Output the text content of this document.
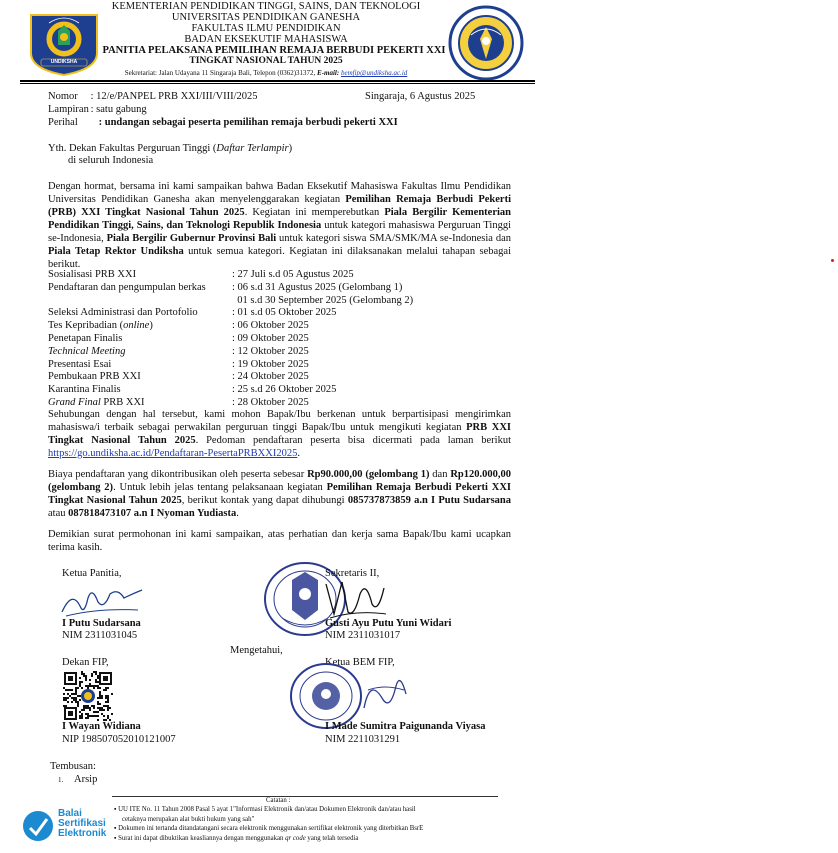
UNDIKSHA
KEMENTERIAN PENDIDIKAN TINGGI, SAINS, DAN TEKNOLOGI
UNIVERSITAS PENDIDIKAN GANESHA
FAKULTAS ILMU PENDIDIKAN
BADAN EKSEKUTIF MAHASISWA
PANITIA PELAKSANA PEMILIHAN REMAJA BERBUDI PEKERTI XXI
TINGKAT NASIONAL TAHUN 2025
Sekretariat: Jalan Udayana 11 Singaraja Bali, Telepon (0362)31372, E-mail: bemfip@undiksha.ac.id
Nomor : 12/e/PANPEL PRB XXI/III/VIII/2025	Singaraja, 6 Agustus 2025
Lampiran : satu gabung
Perihal : undangan sebagai peserta pemilihan remaja berbudi pekerti XXI
Yth. Dekan Fakultas Perguruan Tinggi (Daftar Terlampir)
di seluruh Indonesia
Dengan hormat, bersama ini kami sampaikan bahwa Badan Eksekutif Mahasiswa Fakultas Ilmu Pendidikan Universitas Pendidikan Ganesha akan menyelenggarakan kegiatan Pemilihan Remaja Berbudi Pekerti (PRB) XXI Tingkat Nasional Tahun 2025. Kegiatan ini memperebutkan Piala Bergilir Kementerian Pendidikan Tinggi, Sains, dan Teknologi Republik Indonesia untuk kategori mahasiswa Perguruan Tinggi se-Indonesia, Piala Bergilir Gubernur Provinsi Bali untuk kategori siswa SMA/SMK/MA se-Indonesia dan Piala Tetap Rektor Undiksha untuk semua kategori. Kegiatan ini dilaksanakan melalui tahapan sebagai berikut.
Sosialisasi PRB XXI	: 27 Juli s.d 05 Agustus 2025
Pendaftaran dan pengumpulan berkas	: 06 s.d 31 Agustus 2025 (Gelombang 1)
01 s.d 30 September 2025 (Gelombang 2)
Seleksi Administrasi dan Portofolio	: 01 s.d 05 Oktober 2025
Tes Kepribadian (online)	: 06 Oktober 2025
Penetapan Finalis	: 09 Oktober 2025
Technical Meeting	: 12 Oktober 2025
Presentasi Esai	: 19 Oktober 2025
Pembukaan PRB XXI	: 24 Oktober 2025
Karantina Finalis	: 25 s.d 26 Oktober 2025
Grand Final PRB XXI	: 28 Oktober 2025
Sehubungan dengan hal tersebut, kami mohon Bapak/Ibu berkenan untuk berpartisipasi mengirimkan mahasiswa/i terbaik sebagai perwakilan perguruan tinggi Bapak/Ibu untuk mengikuti kegiatan PRB XXI Tingkat Nasional Tahun 2025. Pedoman pendaftaran peserta bisa dicermati pada laman berikut https://go.undiksha.ac.id/Pendaftaran-PesertaPRBXXI2025.
Biaya pendaftaran yang dikontribusikan oleh peserta sebesar Rp90.000,00 (gelombang 1) dan Rp120.000,00 (gelombang 2). Untuk lebih jelas tentang pelaksanaan kegiatan Pemilihan Remaja Berbudi Pekerti XXI Tingkat Nasional Tahun 2025, berikut kontak yang dapat dihubungi 085737873859 a.n I Putu Sudarsana atau 087818473107 a.n I Nyoman Yudiasta.
Demikian surat permohonan ini kami sampaikan, atas perhatian dan kerja sama Bapak/Ibu kami ucapkan terima kasih.
Ketua Panitia,
I Putu Sudarsana
NIM 2311031045
Sekretaris II,
Gusti Ayu Putu Yuni Widari
NIM 2311031017
Mengetahui,
Dekan FIP,
I Wayan Widiana
NIP 198507052010121007
Ketua BEM FIP,
I Made Sumitra Paigunanda Viyasa
NIM 2211031291
Tembusan:
1. Arsip
Catatan :
Balai
Sertifikasi
Elektronik
▪ UU ITE No. 11 Tahun 2008 Pasal 5 ayat 1"Informasi Elektronik dan/atau Dokumen Elektronik dan/atau hasil
cetaknya merupakan alat bukti hukum yang sah"
▪ Dokumen ini tertanda ditandatangani secara elektronik menggunakan sertifikat elektronik yang diterbitkan BsrE
▪ Surat ini dapat dibuktikan keasliannya dengan menggunakan qr code yang telah tersedia
